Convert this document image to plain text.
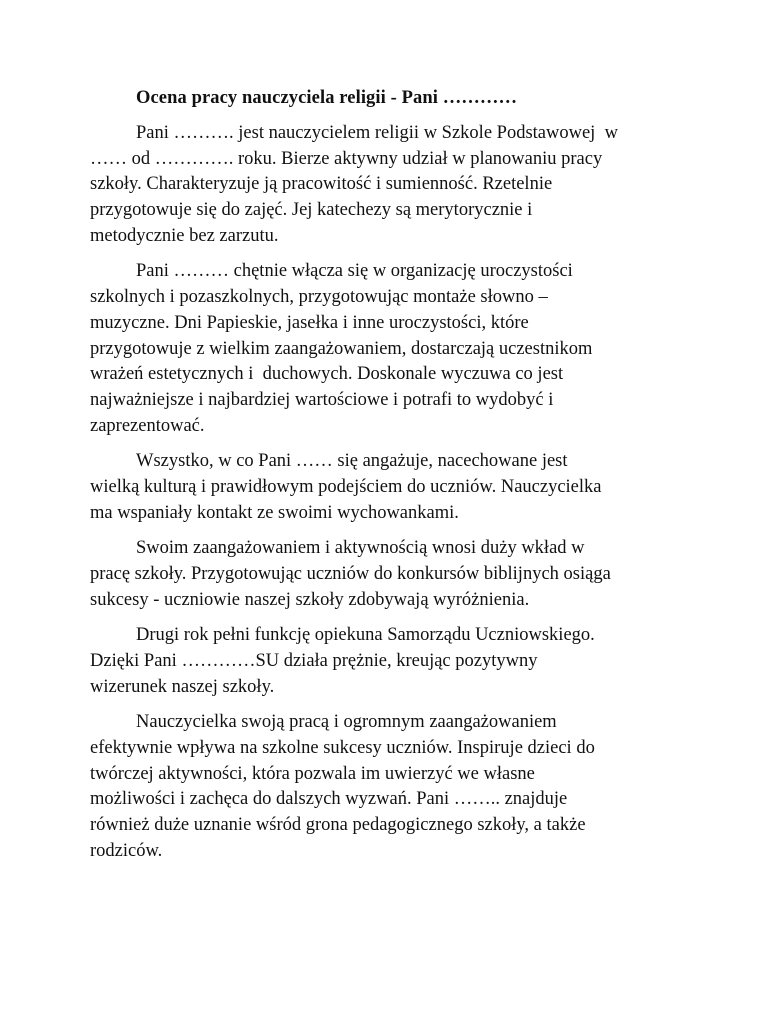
Ocena pracy nauczyciela religii - Pani …………

Pani ………. jest nauczycielem religii w Szkole Podstawowej  w
…… od …………. roku. Bierze aktywny udział w planowaniu pracy
szkoły. Charakteryzuje ją pracowitość i sumienność. Rzetelnie
przygotowuje się do zajęć. Jej katechezy są merytorycznie i
metodycznie bez zarzutu.

Pani ……… chętnie włącza się w organizację uroczystości
szkolnych i pozaszkolnych, przygotowując montaże słowno –
muzyczne. Dni Papieskie, jasełka i inne uroczystości, które
przygotowuje z wielkim zaangażowaniem, dostarczają uczestnikom
wrażeń estetycznych i  duchowych. Doskonale wyczuwa co jest
najważniejsze i najbardziej wartościowe i potrafi to wydobyć i
zaprezentować.

Wszystko, w co Pani …… się angażuje, nacechowane jest
wielką kulturą i prawidłowym podejściem do uczniów. Nauczycielka
ma wspaniały kontakt ze swoimi wychowankami.

Swoim zaangażowaniem i aktywnością wnosi duży wkład w
pracę szkoły. Przygotowując uczniów do konkursów biblijnych osiąga
sukcesy - uczniowie naszej szkoły zdobywają wyróżnienia.

Drugi rok pełni funkcję opiekuna Samorządu Uczniowskiego.
Dzięki Pani …………SU działa prężnie, kreując pozytywny
wizerunek naszej szkoły.

Nauczycielka swoją pracą i ogromnym zaangażowaniem
efektywnie wpływa na szkolne sukcesy uczniów. Inspiruje dzieci do
twórczej aktywności, która pozwala im uwierzyć we własne
możliwości i zachęca do dalszych wyzwań. Pani …….. znajduje
również duże uznanie wśród grona pedagogicznego szkoły, a także
rodziców.
